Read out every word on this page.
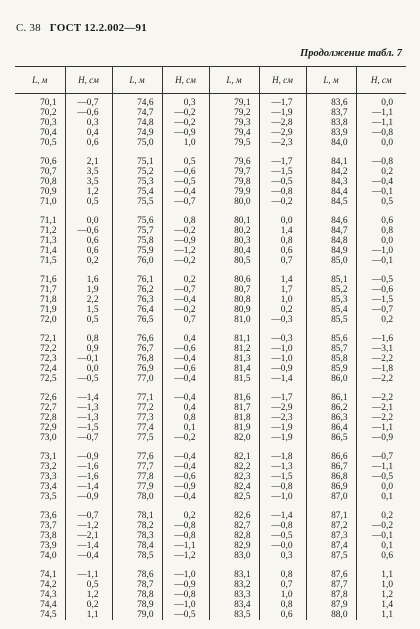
С. 38 ГОСТ 12.2.002—91
Продолжение табл. 7
L, м	H, см	L, м	H, см	L, м	H, см	L, м	H, см
70,1	—0,7	74,6	0,3	79,1	—1,7	83,6	0,0
70,2	—0,6	74,7	—0,2	79,2	—1,9	83,7	—1,1
70,3	0,3	74,8	—0,2	79,3	—2,8	83,8	—1,1
70,4	0,4	74,9	—0,9	79,4	—2,9	83,9	—0,8
70,5	0,6	75,0	1,0	79,5	—2,3	84,0	0,0
70,6	2,1	75,1	0,5	79,6	—1,7	84,1	—0,8
70,7	3,5	75,2	—0,6	79,7	—1,5	84,2	0,2
70,8	3,5	75,3	—0,5	79,8	—0,5	84,3	—0,4
70,9	1,2	75,4	—0,4	79,9	—0,8	84,4	—0,1
71,0	0,5	75,5	—0,7	80,0	—0,2	84,5	0,5
71,1	0,0	75,6	0,8	80,1	0,0	84,6	0,6
71,2	—0,6	75,7	—0,2	80,2	1,4	84,7	0,8
71,3	0,6	75,8	—0,9	80,3	0,8	84,8	0,0
71,4	0,6	75,9	—1,2	80,4	0,6	84,9	—1,0
71,5	0,2	76,0	—0,2	80,5	0,7	85,0	—0,1
71,6	1,6	76,1	0,2	80,6	1,4	85,1	—0,5
71,7	1,9	76,2	—0,7	80,7	1,7	85,2	—0,6
71,8	2,2	76,3	—0,4	80,8	1,0	85,3	—1,5
71,9	1,5	76,4	—0,2	80,9	0,2	85,4	—0,7
72,0	0,5	76,5	0,7	81,0	—0,3	85,5	0,2
72,1	0,8	76,6	0,4	81,1	—0,3	85,6	—1,6
72,2	0,9	76,7	—0,6	81,2	—1,0	85,7	—3,1
72,3	—0,1	76,8	—0,4	81,3	—1,0	85,8	—2,2
72,4	0,0	76,9	—0,6	81,4	—0,9	85,9	—1,8
72,5	—0,5	77,0	—0,4	81,5	—1,4	86,0	—2,2
72,6	—1,4	77,1	—0,4	81,6	—1,7	86,1	—2,2
72,7	—1,3	77,2	0,4	81,7	—2,9	86,2	—2,1
72,8	—1,3	77,3	0,8	81,8	—2,3	86,3	—2,2
72,9	—1,5	77,4	0,1	81,9	—1,9	86,4	—1,1
73,0	—0,7	77,5	—0,2	82,0	—1,9	86,5	—0,9
73,1	—0,9	77,6	—0,4	82,1	—1,8	86,6	—0,7
73,2	—1,6	77,7	—0,4	82,2	—1,3	86,7	—1,1
73,3	—1,6	77,8	—0,6	82,3	—1,5	86,8	—0,5
73,4	—1,4	77,9	—0,9	82,4	—0,8	86,9	0,0
73,5	—0,9	78,0	—0,4	82,5	—1,0	87,0	0,1
73,6	—0,7	78,1	0,2	82,6	—1,4	87,1	0,2
73,7	—1,2	78,2	—0,8	82,7	—0,8	87,2	—0,2
73,8	—2,1	78,3	—0,8	82,8	—0,5	87,3	—0,1
73,9	—1,4	78,4	—1,1	82,9	—0,0	87,4	0,1
74,0	—0,4	78,5	—1,2	83,0	0,3	87,5	0,6
74,1	—1,1	78,6	—1,0	83,1	0,8	87,6	1,1
74,2	0,5	78,7	—0,9	83,2	0,7	87,7	1,0
74,3	1,2	78,8	—0,8	83,3	1,0	87,8	1,2
74,4	0,2	78,9	—1,0	83,4	0,8	87,9	1,4
74,5	1,1	79,0	—0,5	83,5	0,6	88,0	1,1
